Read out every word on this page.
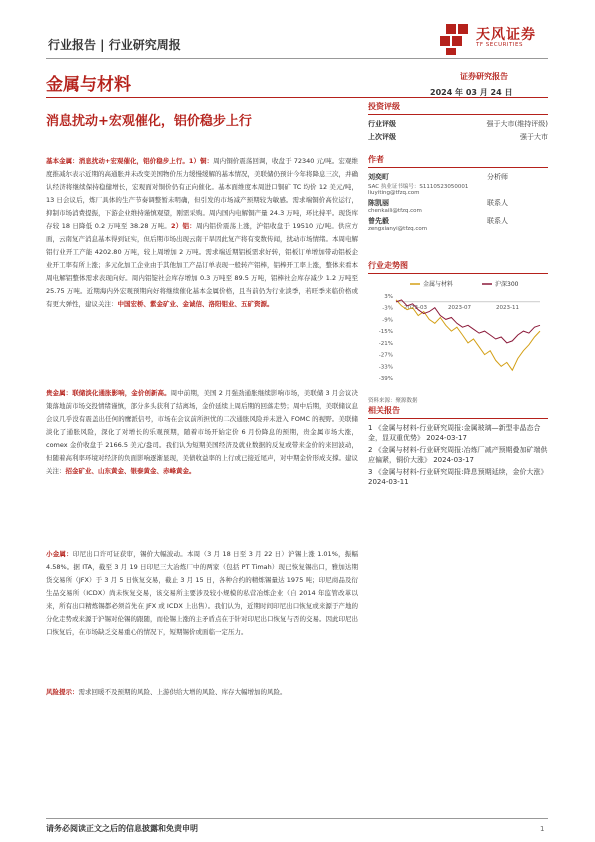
行业报告 | 行业研究周报
天风证券
TF SECURITIES
金属与材料	证券研究报告
2024 年 03 月 24 日
消息扰动+宏观催化，铝价稳步上行
投资评级
行业评级	强于大市(维持评级)
上次评级	强于大市
作者
刘奕町	分析师
SAC 执业证书编号：S1110523050001
liuyiting@tfzq.com
陈凯丽	联系人
chenkaili@tfzq.com
曾先毅	联系人
zengxianyi@tfzq.com
行业走势图
3%
-3%
-9%
-15%
-21%
-27%
-33%
-39%
2023-03	2023-07	2023-11
金属与材料	沪深300
资料来源：聚源数据
相关报告
1 《金属与材料-行业研究周报:金属玻璃—新型非晶态合金，显双重优势》 2024-03-17
2 《金属与材料-行业研究周报:冶炼厂减产预期叠加矿端供应偏紧，铜价大涨》 2024-03-17
3 《金属与材料-行业研究周报:降息预期延续，金价大涨》 2024-03-11
基本金属：消息扰动+宏观催化，铝价稳步上行。1）铜：周内铜价震荡回调，收盘于 72340 元/吨。宏观维度推减尔表示近期的高通胀并未改变美国物价压力缓慢缓解的基本情况，美联储仍预计今年将降息三次，并确认经济将继续保持稳健增长，宏观面对铜价仍有正向催化。基本面维度本周进口铜矿 TC 均价 12 美元/吨，13 日会议后，炼厂具体的生产节奏调整暂未明确，但引发的市场减产预期较为敏感。需求端铜价高位运行，抑制市场消费提振，下游企业维持谨慎观望，刚需采购。周内国内电解铜产量 24.3 万吨，环比持平。现货库存较 18 日降低 0.2 万吨至 38.28 万吨。2）铝：周内铝价震荡上涨，沪铝收盘于 19510 元/吨。供应方面，云南复产消息基本得到证实，但后期市场出现云南干旱因此复产将有变数传闻，扰动市场情绪。本周电解铝行业开工产能 4202.80 万吨，较上周增加 2 万吨。需求端近期铝板需求好转，铝板订单增加带动铝板企业开工率有所上涨；多元化加工企业由于其他加工产品订单表现一般转产铝棒，铝棒开工率上涨，整体来看本周电解铝整体需求表现向好。周内铝锭社会库存增加 0.3 万吨至 89.5 万吨，铝棒社会库存减少 1.2 万吨至 25.75 万吨。近期海内外宏观预期向好将继续催化基本金属价格，且当前仍为行业淡季，若旺季来临价格或有更大弹性，建议关注：中国宏桥、紫金矿业、金诚信、洛阳钼业、五矿资源。
贵金属：联储淡化通胀影响，金价创新高。周中前期，美国 2 月强劲通胀继续影响市场，美联储 3 月会议决策落地前市场交投情绪谨慎，部分多头获利了结离场，金价延续上周后期的回落走势；周中后期，美联储议息会议几乎没有震盖出任何的鹰派信号，市场在会议前所担忧的二次通胀风险并未进入 FOMC 的视野。美联储淡化了通胀风险，深化了对增长的乐观预期，随着市场开始定价 6 月份降息的预期，贵金属市场大涨，comex 金价收盘于 2166.5 美元/盎司。我们认为短期美国经济及就业数据的反复或带来金价的来回波动，但随着高利率环境对经济的负面影响逐渐显现，美债收益率的上行或已接近尾声，对中期金价形成支撑。建议关注：招金矿业、山东黄金、银泰黄金、赤峰黄金。
小金属：印尼出口许可证获审，锡价大幅波动。本周（3 月 18 日至 3 月 22 日）沪锡上涨 1.01%，振幅 4.58%。据 ITA，截至 3 月 19 日印尼三大冶炼厂中的两家（包括 PT Timah）现已恢复锡出口，雅加达期货交易所（JFX）于 3 月 5 日恢复交易，截止 3 月 15 日，各种合约的精炼锡量达 1975 吨；印尼商品及衍生品交易所（ICDX）尚未恢复交易，该交易所主要涉及较小规模的私营冶炼企业（自 2014 年监管改革以来，所有出口精炼锡都必须首先在 JFX 或 ICDX 上出售）。我们认为，近期时间印尼出口恢复或来源于产地的分化走势或来源于沪锡对伦锡的跟随，而伦锡上涨的主矛盾点在于针对印尼出口恢复与否的交易。因此印尼出口恢复后，在市场缺乏交易重心的情况下，短期锡价或面临一定压力。
风险提示：需求回暖不及预期的风险、上游供给大增的风险、库存大幅增加的风险。
请务必阅读正文之后的信息披露和免责申明	1
